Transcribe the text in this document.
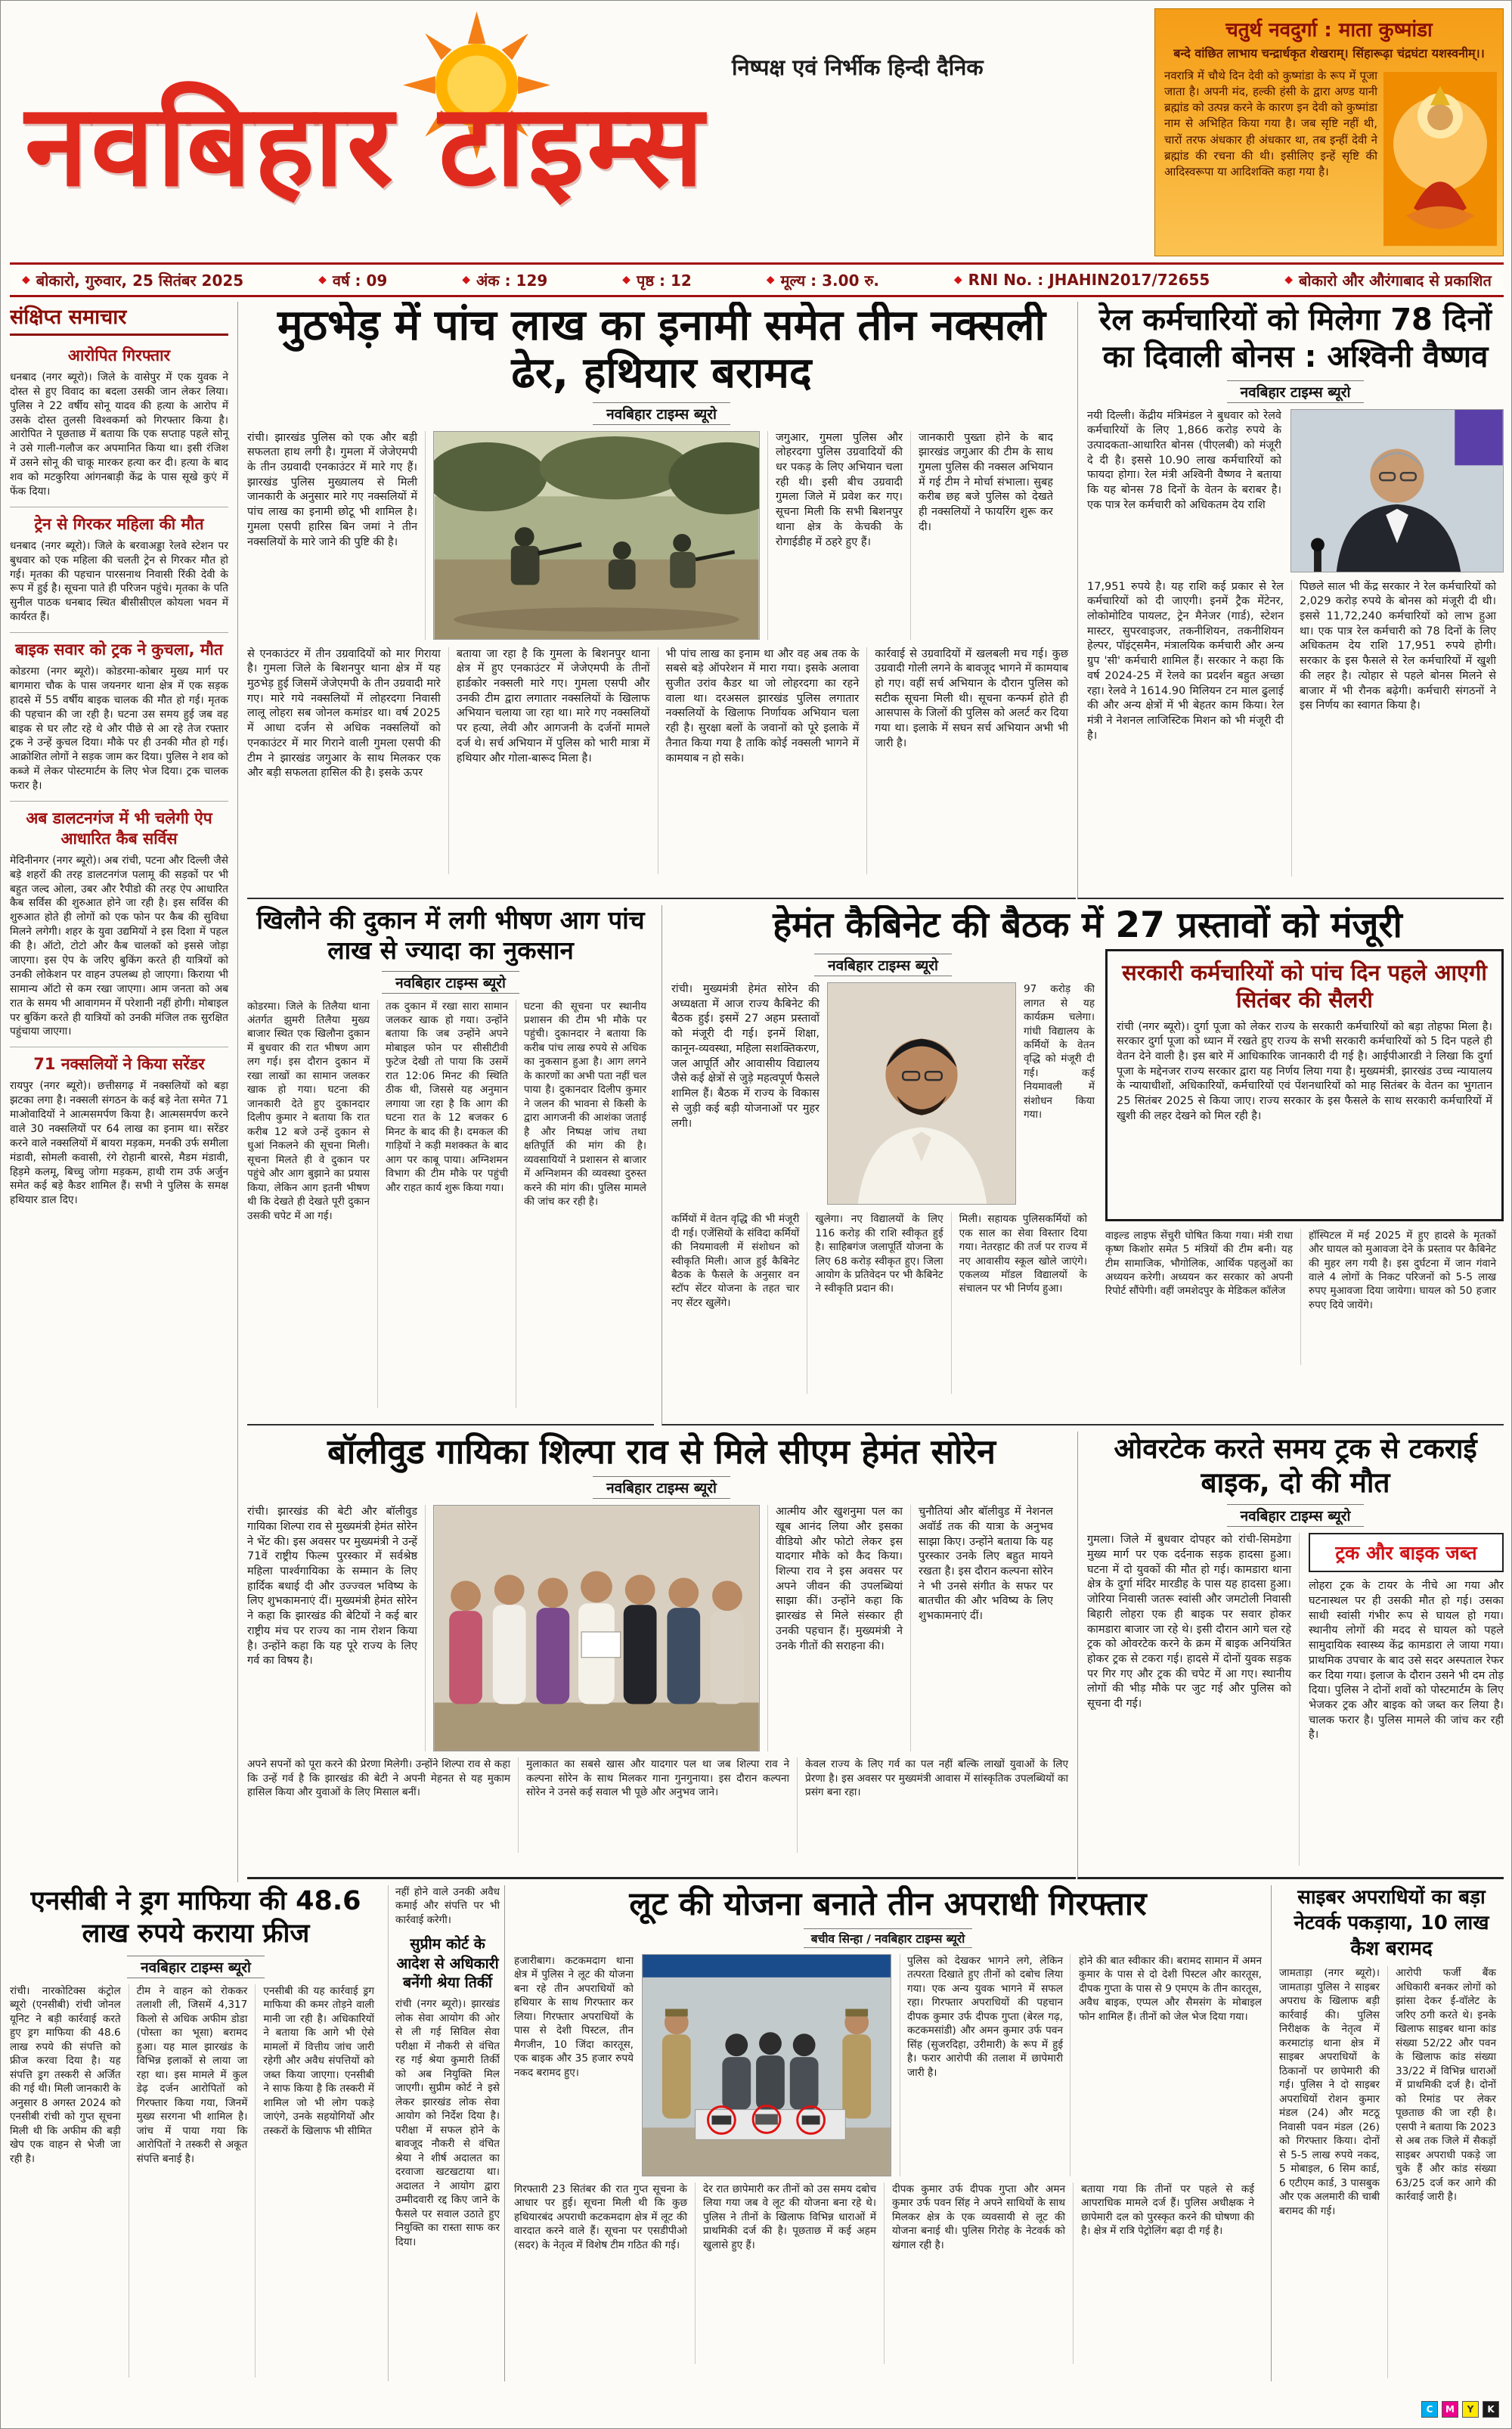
नवबिहार टाइम्स
निष्पक्ष एवं निर्भीक हिन्दी दैनिक
चतुर्थ नवदुर्गा : माता कुष्मांडा
बन्दे वांछित लाभाय चन्द्रार्धकृत शेखराम्। सिंहारूढ़ा चंद्रघंटा यशस्वनीम्।।

नवरात्रि में चौथे दिन देवी को कुष्मांडा के रूप में पूजा जाता है। अपनी मंद, हल्की हंसी के द्वारा अण्ड यानी ब्रह्मांड को उत्पन्न करने के कारण इन देवी को कुष्मांडा नाम से अभिहित किया गया है। जब सृष्टि नहीं थी, चारों तरफ अंधकार ही अंधकार था, तब इन्हीं देवी ने ब्रह्मांड की रचना की थी। इसीलिए इन्हें सृष्टि की आदिस्वरूपा या आदिशक्ति कहा गया है।

◆ बोकारो, गुरुवार, 25 सितंबर 2025	◆ वर्ष : 09	◆ अंक : 129	◆ पृष्ठ : 12	◆ मूल्य : 3.00 रु.	◆ RNI No. : JHAHIN2017/72655	◆ बोकारो और औरंगाबाद से प्रकाशित
संक्षिप्त समाचार
आरोपित गिरफ्तार

धनबाद (नगर ब्यूरो)। जिले के वासेपुर में एक युवक ने दोस्त से हुए विवाद का बदला उसकी जान लेकर लिया। पुलिस ने 22 वर्षीय सोनू यादव की हत्या के आरोप में उसके दोस्त तुलसी विश्वकर्मा को गिरफ्तार किया है। आरोपित ने पूछताछ में बताया कि एक सप्ताह पहले सोनू ने उसे गाली-गलौज कर अपमानित किया था। इसी रंजिश में उसने सोनू की चाकू मारकर हत्या कर दी। हत्या के बाद शव को मटकुरिया आंगनबाड़ी केंद्र के पास सूखे कुएं में फेंक दिया।

ट्रेन से गिरकर महिला की मौत

धनबाद (नगर ब्यूरो)। जिले के बरवाअड्डा रेलवे स्टेशन पर बुधवार को एक महिला की चलती ट्रेन से गिरकर मौत हो गई। मृतका की पहचान पारसनाथ निवासी रिंकी देवी के रूप में हुई है। सूचना पाते ही परिजन पहुंचे। मृतका के पति सुनील पाठक धनबाद स्थित बीसीसीएल कोयला भवन में कार्यरत हैं।

बाइक सवार को ट्रक ने कुचला, मौत

कोडरमा (नगर ब्यूरो)। कोडरमा-कोबार मुख्य मार्ग पर बागमारा चौक के पास जयनगर थाना क्षेत्र में एक सड़क हादसे में 55 वर्षीय बाइक चालक की मौत हो गई। मृतक की पहचान की जा रही है। घटना उस समय हुई जब वह बाइक से घर लौट रहे थे और पीछे से आ रहे तेज रफ्तार ट्रक ने उन्हें कुचल दिया। मौके पर ही उनकी मौत हो गई। आक्रोशित लोगों ने सड़क जाम कर दिया। पुलिस ने शव को कब्जे में लेकर पोस्टमार्टम के लिए भेज दिया। ट्रक चालक फरार है।

अब डालटनगंज में भी चलेगी ऐप आधारित कैब सर्विस

मेदिनीनगर (नगर ब्यूरो)। अब रांची, पटना और दिल्ली जैसे बड़े शहरों की तरह डालटनगंज पलामू की सड़कों पर भी बहुत जल्द ओला, उबर और रैपीडो की तरह ऐप आधारित कैब सर्विस की शुरुआत होने जा रही है। इस सर्विस की शुरुआत होते ही लोगों को एक फोन पर कैब की सुविधा मिलने लगेगी। शहर के युवा उद्यमियों ने इस दिशा में पहल की है। ऑटो, टोटो और कैब चालकों को इससे जोड़ा जाएगा। इस ऐप के जरिए बुकिंग करते ही यात्रियों को उनकी लोकेशन पर वाहन उपलब्ध हो जाएगा। किराया भी सामान्य ऑटो से कम रखा जाएगा। आम जनता को अब रात के समय भी आवागमन में परेशानी नहीं होगी। मोबाइल पर बुकिंग करते ही यात्रियों को उनकी मंजिल तक सुरक्षित पहुंचाया जाएगा।

71 नक्सलियों ने किया सरेंडर

रायपुर (नगर ब्यूरो)। छत्तीसगढ़ में नक्सलियों को बड़ा झटका लगा है। नक्सली संगठन के कई बड़े नेता समेत 71 माओवादियों ने आत्मसमर्पण किया है। आत्मसमर्पण करने वाले 30 नक्सलियों पर 64 लाख का इनाम था। सरेंडर करने वाले नक्सलियों में बायरा मड़कम, मनकी उर्फ समीला मंडावी, सोमली कवासी, रंगे रोहानी बारसे, मैडम मंडावी, हिड़मे कलमू, बिच्चु जोगा मड़कम, हाथी राम उर्फ अर्जुन समेत कई बड़े कैडर शामिल हैं। सभी ने पुलिस के समक्ष हथियार डाल दिए।

मुठभेड़ में पांच लाख का इनामी समेत तीन नक्सली ढेर, हथियार बरामद
नवबिहार टाइम्स ब्यूरो

रांची। झारखंड पुलिस को एक और बड़ी सफलता हाथ लगी है। गुमला में जेजेएमपी के तीन उग्रवादी एनकाउंटर में मारे गए हैं। झारखंड पुलिस मुख्यालय से मिली जानकारी के अनुसार मारे गए नक्सलियों में पांच लाख का इनामी छोटू भी शामिल है। गुमला एसपी हारिस बिन जमां ने तीन नक्सलियों के मारे जाने की पुष्टि की है।

जगुआर, गुमला पुलिस और लोहरदगा पुलिस उग्रवादियों की धर पकड़ के लिए अभियान चला रही थी। इसी बीच उग्रवादी गुमला जिले में प्रवेश कर गए। सूचना मिली कि सभी बिशनपुर थाना क्षेत्र के केचकी के रोगाईडीह में ठहरे हुए हैं।

जानकारी पुख्ता होने के बाद झारखंड जगुआर की टीम के साथ गुमला पुलिस की नक्सल अभियान में गई टीम ने मोर्चा संभाला। सुबह करीब छह बजे पुलिस को देखते ही नक्सलियों ने फायरिंग शुरू कर दी।

से एनकाउंटर में तीन उग्रवादियों को मार गिराया है। गुमला जिले के बिशनपुर थाना क्षेत्र में यह मुठभेड़ हुई जिसमें जेजेएमपी के तीन उग्रवादी मारे गए। मारे गये नक्सलियों में लोहरदगा निवासी लालू लोहरा सब जोनल कमांडर था। वर्ष 2025 में आधा दर्जन से अधिक नक्सलियों को एनकाउंटर में मार गिराने वाली गुमला एसपी की टीम ने झारखंड जगुआर के साथ मिलकर एक और बड़ी सफलता हासिल की है। इसके ऊपर

बताया जा रहा है कि गुमला के बिशनपुर थाना क्षेत्र में हुए एनकाउंटर में जेजेएमपी के तीनों हार्डकोर नक्सली मारे गए। गुमला एसपी और उनकी टीम द्वारा लगातार नक्सलियों के खिलाफ अभियान चलाया जा रहा था। मारे गए नक्सलियों पर हत्या, लेवी और आगजनी के दर्जनों मामले दर्ज थे। सर्च अभियान में पुलिस को भारी मात्रा में हथियार और गोला-बारूद मिला है।

भी पांच लाख का इनाम था और वह अब तक के सबसे बड़े ऑपरेशन में मारा गया। इसके अलावा सुजीत उरांव कैडर था जो लोहरदगा का रहने वाला था। दरअसल झारखंड पुलिस लगातार नक्सलियों के खिलाफ निर्णायक अभियान चला रही है। सुरक्षा बलों के जवानों को पूरे इलाके में तैनात किया गया है ताकि कोई नक्सली भागने में कामयाब न हो सके।

कार्रवाई से उग्रवादियों में खलबली मच गई। कुछ उग्रवादी गोली लगने के बावजूद भागने में कामयाब हो गए। वहीं सर्च अभियान के दौरान पुलिस को सटीक सूचना मिली थी। सूचना कन्फर्म होते ही आसपास के जिलों की पुलिस को अलर्ट कर दिया गया था। इलाके में सघन सर्च अभियान अभी भी जारी है।

रेल कर्मचारियों को मिलेगा 78 दिनों का दिवाली बोनस : अश्विनी वैष्णव
नवबिहार टाइम्स ब्यूरो

नयी दिल्ली। केंद्रीय मंत्रिमंडल ने बुधवार को रेलवे कर्मचारियों के लिए 1,866 करोड़ रुपये के उत्पादकता-आधारित बोनस (पीएलबी) को मंजूरी दे दी है। इससे 10.90 लाख कर्मचारियों को फायदा होगा। रेल मंत्री अश्विनी वैष्णव ने बताया कि यह बोनस 78 दिनों के वेतन के बराबर है। एक पात्र रेल कर्मचारी को अधिकतम देय राशि

17,951 रुपये है। यह राशि कई प्रकार से रेल कर्मचारियों को दी जाएगी। इनमें ट्रैक मेंटेनर, लोकोमोटिव पायलट, ट्रेन मैनेजर (गार्ड), स्टेशन मास्टर, सुपरवाइजर, तकनीशियन, तकनीशियन हेल्पर, पॉइंट्समैन, मंत्रालयिक कर्मचारी और अन्य ग्रुप 'सी' कर्मचारी शामिल हैं। सरकार ने कहा कि वर्ष 2024-25 में रेलवे का प्रदर्शन बहुत अच्छा रहा। रेलवे ने 1614.90 मिलियन टन माल ढुलाई की और अन्य क्षेत्रों में भी बेहतर काम किया। रेल मंत्री ने नेशनल लाजिस्टिक मिशन को भी मंजूरी दी है।

पिछले साल भी केंद्र सरकार ने रेल कर्मचारियों को 2,029 करोड़ रुपये के बोनस को मंजूरी दी थी। इससे 11,72,240 कर्मचारियों को लाभ हुआ था। एक पात्र रेल कर्मचारी को 78 दिनों के लिए अधिकतम देय राशि 17,951 रुपये होगी। सरकार के इस फैसले से रेल कर्मचारियों में खुशी की लहर है। त्योहार से पहले बोनस मिलने से बाजार में भी रौनक बढ़ेगी। कर्मचारी संगठनों ने इस निर्णय का स्वागत किया है।

खिलौने की दुकान में लगी भीषण आग पांच लाख से ज्यादा का नुकसान
नवबिहार टाइम्स ब्यूरो

कोडरमा। जिले के तिलैया थाना अंतर्गत झुमरी तिलैया मुख्य बाजार स्थित एक खिलौना दुकान में बुधवार की रात भीषण आग लग गई। इस दौरान दुकान में रखा लाखों का सामान जलकर खाक हो गया। घटना की जानकारी देते हुए दुकानदार दिलीप कुमार ने बताया कि रात करीब 12 बजे उन्हें दुकान से धुआं निकलने की सूचना मिली। सूचना मिलते ही वे दुकान पर पहुंचे और आग बुझाने का प्रयास किया, लेकिन आग इतनी भीषण थी कि देखते ही देखते पूरी दुकान उसकी चपेट में आ गई।

तक दुकान में रखा सारा सामान जलकर खाक हो गया। उन्होंने बताया कि जब उन्होंने अपने मोबाइल फोन पर सीसीटीवी फुटेज देखी तो पाया कि उसमें रात 12:06 मिनट की स्थिति ठीक थी, जिससे यह अनुमान लगाया जा रहा है कि आग की घटना रात के 12 बजकर 6 मिनट के बाद की है। दमकल की गाड़ियों ने कड़ी मशक्कत के बाद आग पर काबू पाया। अग्निशमन विभाग की टीम मौके पर पहुंची और राहत कार्य शुरू किया गया।

घटना की सूचना पर स्थानीय प्रशासन की टीम भी मौके पर पहुंची। दुकानदार ने बताया कि करीब पांच लाख रुपये से अधिक का नुकसान हुआ है। आग लगने के कारणों का अभी पता नहीं चल पाया है। दुकानदार दिलीप कुमार ने जलन की भावना से किसी के द्वारा आगजनी की आशंका जताई है और निष्पक्ष जांच तथा क्षतिपूर्ति की मांग की है। व्यवसायियों ने प्रशासन से बाजार में अग्निशमन की व्यवस्था दुरुस्त करने की मांग की। पुलिस मामले की जांच कर रही है।

हेमंत कैबिनेट की बैठक में 27 प्रस्तावों को मंजूरी
नवबिहार टाइम्स ब्यूरो

रांची। मुख्यमंत्री हेमंत सोरेन की अध्यक्षता में आज राज्य कैबिनेट की बैठक हुई। इसमें 27 अहम प्रस्तावों को मंजूरी दी गई। इनमें शिक्षा, कानून-व्यवस्था, महिला सशक्तिकरण, जल आपूर्ति और आवासीय विद्यालय जैसे कई क्षेत्रों से जुड़े महत्वपूर्ण फैसले शामिल हैं। बैठक में राज्य के विकास से जुड़ी कई बड़ी योजनाओं पर मुहर लगी।

97 करोड़ की लागत से यह कार्यक्रम चलेगा। गांधी विद्यालय के कर्मियों के वेतन वृद्धि को मंजूरी दी गई। कई नियमावली में संशोधन किया गया।

कर्मियों में वेतन वृद्धि की भी मंजूरी दी गई। एजेंसियों के संविदा कर्मियों की नियमावली में संशोधन को स्वीकृति मिली। आज हुई कैबिनेट बैठक के फैसले के अनुसार वन स्टॉप सेंटर योजना के तहत चार नए सेंटर खुलेंगे।

खुलेगा। नए विद्यालयों के लिए 116 करोड़ की राशि स्वीकृत हुई है। साहिबगंज जलापूर्ति योजना के लिए 68 करोड़ स्वीकृत हुए। जिला आयोग के प्रतिवेदन पर भी कैबिनेट ने स्वीकृति प्रदान की।

मिली। सहायक पुलिसकर्मियों को एक साल का सेवा विस्तार दिया गया। नेतरहाट की तर्ज पर राज्य में नए आवासीय स्कूल खोले जाएंगे। एकलव्य मॉडल विद्यालयों के संचालन पर भी निर्णय हुआ।

सरकारी कर्मचारियों को पांच दिन पहले आएगी सितंबर की सैलरी

रांची (नगर ब्यूरो)। दुर्गा पूजा को लेकर राज्य के सरकारी कर्मचारियों को बड़ा तोहफा मिला है। सरकार दुर्गा पूजा को ध्यान में रखते हुए राज्य के सभी सरकारी कर्मचारियों को 5 दिन पहले ही वेतन देने वाली है। इस बारे में आधिकारिक जानकारी दी गई है। आईपीआरडी ने लिखा कि दुर्गा पूजा के मद्देनजर राज्य सरकार द्वारा यह निर्णय लिया गया है। मुख्यमंत्री, झारखंड उच्च न्यायालय के न्यायाधीशों, अधिकारियों, कर्मचारियों एवं पेंशनधारियों को माह सितंबर के वेतन का भुगतान 25 सितंबर 2025 से किया जाए। राज्य सरकार के इस फैसले के साथ सरकारी कर्मचारियों में खुशी की लहर देखने को मिल रही है।

वाइल्ड लाइफ सेंचुरी घोषित किया गया। मंत्री राधा कृष्ण किशोर समेत 5 मंत्रियों की टीम बनी। यह टीम सामाजिक, भौगोलिक, आर्थिक पहलुओं का अध्ययन करेगी। अध्ययन कर सरकार को अपनी रिपोर्ट सौंपेगी। वहीं जमशेदपुर के मेडिकल कॉलेज

हॉस्पिटल में मई 2025 में हुए हादसे के मृतकों और घायल को मुआवजा देने के प्रस्ताव पर कैबिनेट की मुहर लग गयी है। इस दुर्घटना में जान गंवाने वाले 4 लोगों के निकट परिजनों को 5-5 लाख रुपए मुआवजा दिया जायेगा। घायल को 50 हजार रुपए दिये जायेंगे।

बॉलीवुड गायिका शिल्पा राव से मिले सीएम हेमंत सोरेन
नवबिहार टाइम्स ब्यूरो

रांची। झारखंड की बेटी और बॉलीवुड गायिका शिल्पा राव से मुख्यमंत्री हेमंत सोरेन ने भेंट की। इस अवसर पर मुख्यमंत्री ने उन्हें 71वें राष्ट्रीय फिल्म पुरस्कार में सर्वश्रेष्ठ महिला पार्श्वगायिका के सम्मान के लिए हार्दिक बधाई दी और उज्ज्वल भविष्य के लिए शुभकामनाएं दीं। मुख्यमंत्री हेमंत सोरेन ने कहा कि झारखंड की बेटियों ने कई बार राष्ट्रीय मंच पर राज्य का नाम रोशन किया है। उन्होंने कहा कि यह पूरे राज्य के लिए गर्व का विषय है।

आत्मीय और खुशनुमा पल का खूब आनंद लिया और इसका वीडियो और फोटो लेकर इस यादगार मौके को कैद किया। शिल्पा राव ने इस अवसर पर अपने जीवन की उपलब्धियां साझा कीं। उन्होंने कहा कि झारखंड से मिले संस्कार ही उनकी पहचान हैं। मुख्यमंत्री ने उनके गीतों की सराहना की।

चुनौतियां और बॉलीवुड में नेशनल अवॉर्ड तक की यात्रा के अनुभव साझा किए। उन्होंने बताया कि यह पुरस्कार उनके लिए बहुत मायने रखता है। इस दौरान कल्पना सोरेन ने भी उनसे संगीत के सफर पर बातचीत की और भविष्य के लिए शुभकामनाएं दीं।

अपने सपनों को पूरा करने की प्रेरणा मिलेगी। उन्होंने शिल्पा राव से कहा कि उन्हें गर्व है कि झारखंड की बेटी ने अपनी मेहनत से यह मुकाम हासिल किया और युवाओं के लिए मिसाल बनीं।

मुलाकात का सबसे खास और यादगार पल था जब शिल्पा राव ने कल्पना सोरेन के साथ मिलकर गाना गुनगुनाया। इस दौरान कल्पना सोरेन ने उनसे कई सवाल भी पूछे और अनुभव जाने।

केवल राज्य के लिए गर्व का पल नहीं बल्कि लाखों युवाओं के लिए प्रेरणा है। इस अवसर पर मुख्यमंत्री आवास में सांस्कृतिक उपलब्धियों का प्रसंग बना रहा।

ओवरटेक करते समय ट्रक से टकराई बाइक, दो की मौत
नवबिहार टाइम्स ब्यूरो

गुमला। जिले में बुधवार दोपहर को रांची-सिमडेगा मुख्य मार्ग पर एक दर्दनाक सड़क हादसा हुआ। घटना में दो युवकों की मौत हो गई। कामडारा थाना क्षेत्र के दुर्गा मंदिर मारडीह के पास यह हादसा हुआ। जोरिया निवासी जतरू स्वांसी और जमटोली निवासी बिहारी लोहरा एक ही बाइक पर सवार होकर कामडारा बाजार जा रहे थे। इसी दौरान आगे चल रहे ट्रक को ओवरटेक करने के क्रम में बाइक अनियंत्रित होकर ट्रक से टकरा गई। हादसे में दोनों युवक सड़क पर गिर गए और ट्रक की चपेट में आ गए। स्थानीय लोगों की भीड़ मौके पर जुट गई और पुलिस को सूचना दी गई।

ट्रक और बाइक जब्त

लोहरा ट्रक के टायर के नीचे आ गया और घटनास्थल पर ही उसकी मौत हो गई। उसका साथी स्वांसी गंभीर रूप से घायल हो गया। स्थानीय लोगों की मदद से घायल को पहले सामुदायिक स्वास्थ्य केंद्र कामडारा ले जाया गया। प्राथमिक उपचार के बाद उसे सदर अस्पताल रेफर कर दिया गया। इलाज के दौरान उसने भी दम तोड़ दिया। पुलिस ने दोनों शवों को पोस्टमार्टम के लिए भेजकर ट्रक और बाइक को जब्त कर लिया है। चालक फरार है। पुलिस मामले की जांच कर रही है।

एनसीबी ने ड्रग माफिया की 48.6 लाख रुपये कराया फ्रीज
नवबिहार टाइम्स ब्यूरो

रांची। नारकोटिक्स कंट्रोल ब्यूरो (एनसीबी) रांची जोनल यूनिट ने बड़ी कार्रवाई करते हुए ड्रग माफिया की 48.6 लाख रुपये की संपत्ति को फ्रीज करवा दिया है। यह संपत्ति ड्रग तस्करी से अर्जित की गई थी। मिली जानकारी के अनुसार 8 अगस्त 2024 को एनसीबी रांची को गुप्त सूचना मिली थी कि अफीम की बड़ी खेप एक वाहन से भेजी जा रही है।

टीम ने वाहन को रोककर तलाशी ली, जिसमें 4,317 किलो से अधिक अफीम डोडा (पोस्ता का भूसा) बरामद हुआ। यह माल झारखंड के विभिन्न इलाकों से लाया जा रहा था। इस मामले में कुल डेढ़ दर्जन आरोपितों को गिरफ्तार किया गया, जिनमें मुख्य सरगना भी शामिल है। जांच में पाया गया कि आरोपितों ने तस्करी से अकूत संपत्ति बनाई है।

एनसीबी की यह कार्रवाई ड्रग माफिया की कमर तोड़ने वाली मानी जा रही है। अधिकारियों ने बताया कि आगे भी ऐसे मामलों में वित्तीय जांच जारी रहेगी और अवैध संपत्तियों को जब्त किया जाएगा। एनसीबी ने साफ किया है कि तस्करी में शामिल जो भी लोग पकड़े जाएंगे, उनके सहयोगियों और तस्करों के खिलाफ भी सीमित

नहीं होने वाले उनकी अवैध कमाई और संपत्ति पर भी कार्रवाई करेगी।

स‍ुप्रीम कोर्ट के आदेश से अधिकारी बनेंगी श्रेया तिर्की

रांची (नगर ब्यूरो)। झारखंड लोक सेवा आयोग की ओर से ली गई सिविल सेवा परीक्षा में नौकरी से वंचित रह गई श्रेया कुमारी तिर्की को अब नियुक्ति मिल जाएगी। सुप्रीम कोर्ट ने इसे लेकर झारखंड लोक सेवा आयोग को निर्देश दिया है। परीक्षा में सफल होने के बावजूद नौकरी से वंचित श्रेया ने शीर्ष अदालत का दरवाजा खटखटाया था। अदालत ने आयोग द्वारा उम्मीदवारी रद्द किए जाने के फैसले पर सवाल उठाते हुए नियुक्ति का रास्ता साफ कर दिया।

लूट की योजना बनाते तीन अपराधी गिरफ्तार
बचीव सिन्हा / नवबिहार टाइम्स ब्यूरो

हजारीबाग। कटकमदाग थाना क्षेत्र में पुलिस ने लूट की योजना बना रहे तीन अपराधियों को हथियार के साथ गिरफ्तार कर लिया। गिरफ्तार अपराधियों के पास से देशी पिस्टल, तीन मैगजीन, 10 जिंदा कारतूस, एक बाइक और 35 हजार रुपये नकद बरामद हुए।

पुलिस को देखकर भागने लगे, लेकिन तत्परता दिखाते हुए तीनों को दबोच लिया गया। एक अन्य युवक भागने में सफल रहा। गिरफ्तार अपराधियों की पहचान दीपक कुमार उर्फ दीपक गुप्ता (बेरल गढ़, कटकमसांडी) और अमन कुमार उर्फ पवन सिंह (सुजरदिहा, उरीमारी) के रूप में हुई है। फरार आरोपी की तलाश में छापेमारी जारी है।

होने की बात स्वीकार की। बरामद सामान में अमन कुमार के पास से दो देशी पिस्टल और कारतूस, दीपक गुप्ता के पास से 9 एमएम के तीन कारतूस, अवैध बाइक, एप्पल और सैमसंग के मोबाइल फोन शामिल हैं। तीनों को जेल भेज दिया गया।

गिरफ्तारी 23 सितंबर की रात गुप्त सूचना के आधार पर हुई। सूचना मिली थी कि कुछ हथियारबंद अपराधी कटकमदाग क्षेत्र में लूट की वारदात करने वाले हैं। सूचना पर एसडीपीओ (सदर) के नेतृत्व में विशेष टीम गठित की गई।

देर रात छापेमारी कर तीनों को उस समय दबोच लिया गया जब वे लूट की योजना बना रहे थे। पुलिस ने तीनों के खिलाफ विभिन्न धाराओं में प्राथमिकी दर्ज की है। पूछताछ में कई अहम खुलासे हुए हैं।

दीपक कुमार उर्फ दीपक गुप्ता और अमन कुमार उर्फ पवन सिंह ने अपने साथियों के साथ मिलकर क्षेत्र के एक व्यवसायी से लूट की योजना बनाई थी। पुलिस गिरोह के नेटवर्क को खंगाल रही है।

बताया गया कि तीनों पर पहले से कई आपराधिक मामले दर्ज हैं। पुलिस अधीक्षक ने छापेमारी दल को पुरस्कृत करने की घोषणा की है। क्षेत्र में रात्रि पेट्रोलिंग बढ़ा दी गई है।

साइबर अपराधियों का बड़ा नेटवर्क पकड़ाया, 10 लाख कैश बरामद

जामताड़ा (नगर ब्यूरो)। जामताड़ा पुलिस ने साइबर अपराध के खिलाफ बड़ी कार्रवाई की। पुलिस निरीक्षक के नेतृत्व में करमाटांड़ थाना क्षेत्र में साइबर अपराधियों के ठिकानों पर छापेमारी की गई। पुलिस ने दो साइबर अपराधियों रोशन कुमार मंडल (24) और मटठू निवासी पवन मंडल (26) को गिरफ्तार किया। दोनों से 5-5 लाख रुपये नकद, 5 मोबाइल, 6 सिम कार्ड, 6 एटीएम कार्ड, 3 पासबुक और एक अलमारी की चाबी बरामद की गई।

आरोपी फर्जी बैंक अधिकारी बनकर लोगों को झांसा देकर ई-वॉलेट के जरिए ठगी करते थे। इनके खिलाफ साइबर थाना कांड संख्या 52/22 और पवन के खिलाफ कांड संख्या 33/22 में विभिन्न धाराओं में प्राथमिकी दर्ज है। दोनों को रिमांड पर लेकर पूछताछ की जा रही है। एसपी ने बताया कि 2023 से अब तक जिले में सैकड़ों साइबर अपराधी पकड़े जा चुके हैं और कांड संख्या 63/25 दर्ज कर आगे की कार्रवाई जारी है।

C	M	Y	K
